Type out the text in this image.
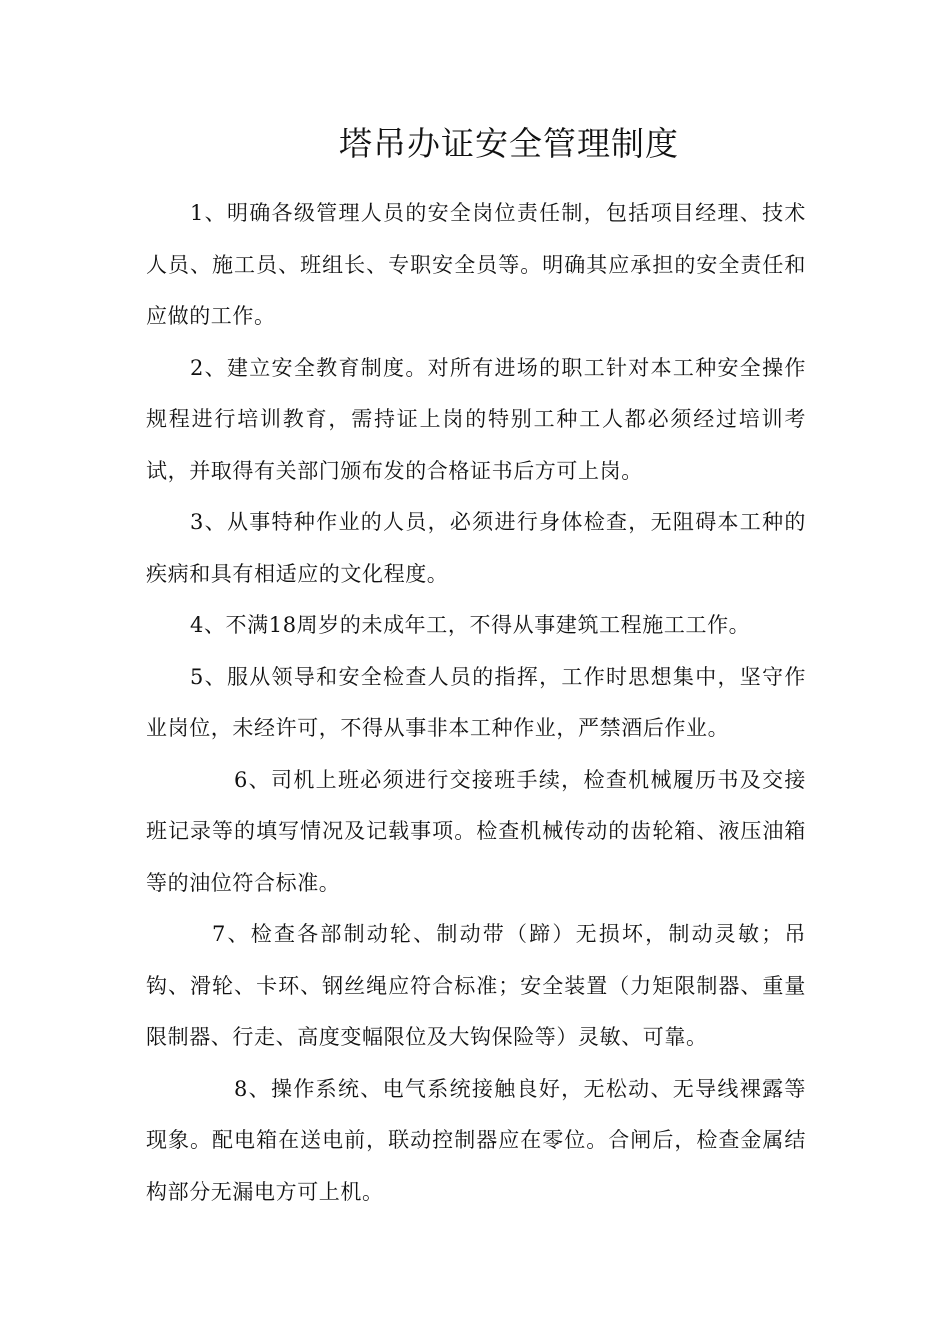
塔吊办证安全管理制度

1、明确各级管理人员的安全岗位责任制，包括项目经理、技术人员、施工员、班组长、专职安全员等。明确其应承担的安全责任和应做的工作。

2、建立安全教育制度。对所有进场的职工针对本工种安全操作规程进行培训教育，需持证上岗的特别工种工人都必须经过培训考试，并取得有关部门颁布发的合格证书后方可上岗。

3、从事特种作业的人员，必须进行身体检查，无阻碍本工种的疾病和具有相适应的文化程度。

4、不满18周岁的未成年工，不得从事建筑工程施工工作。

5、服从领导和安全检查人员的指挥，工作时思想集中，坚守作业岗位，未经许可，不得从事非本工种作业，严禁酒后作业。

6、司机上班必须进行交接班手续，检查机械履历书及交接班记录等的填写情况及记载事项。检查机械传动的齿轮箱、液压油箱等的油位符合标准。

7、检查各部制动轮、制动带（蹄）无损坏，制动灵敏；吊钩、滑轮、卡环、钢丝绳应符合标准；安全装置（力矩限制器、重量限制器、行走、高度变幅限位及大钩保险等）灵敏、可靠。

8、操作系统、电气系统接触良好，无松动、无导线裸露等现象。配电箱在送电前，联动控制器应在零位。合闸后，检查金属结构部分无漏电方可上机。
